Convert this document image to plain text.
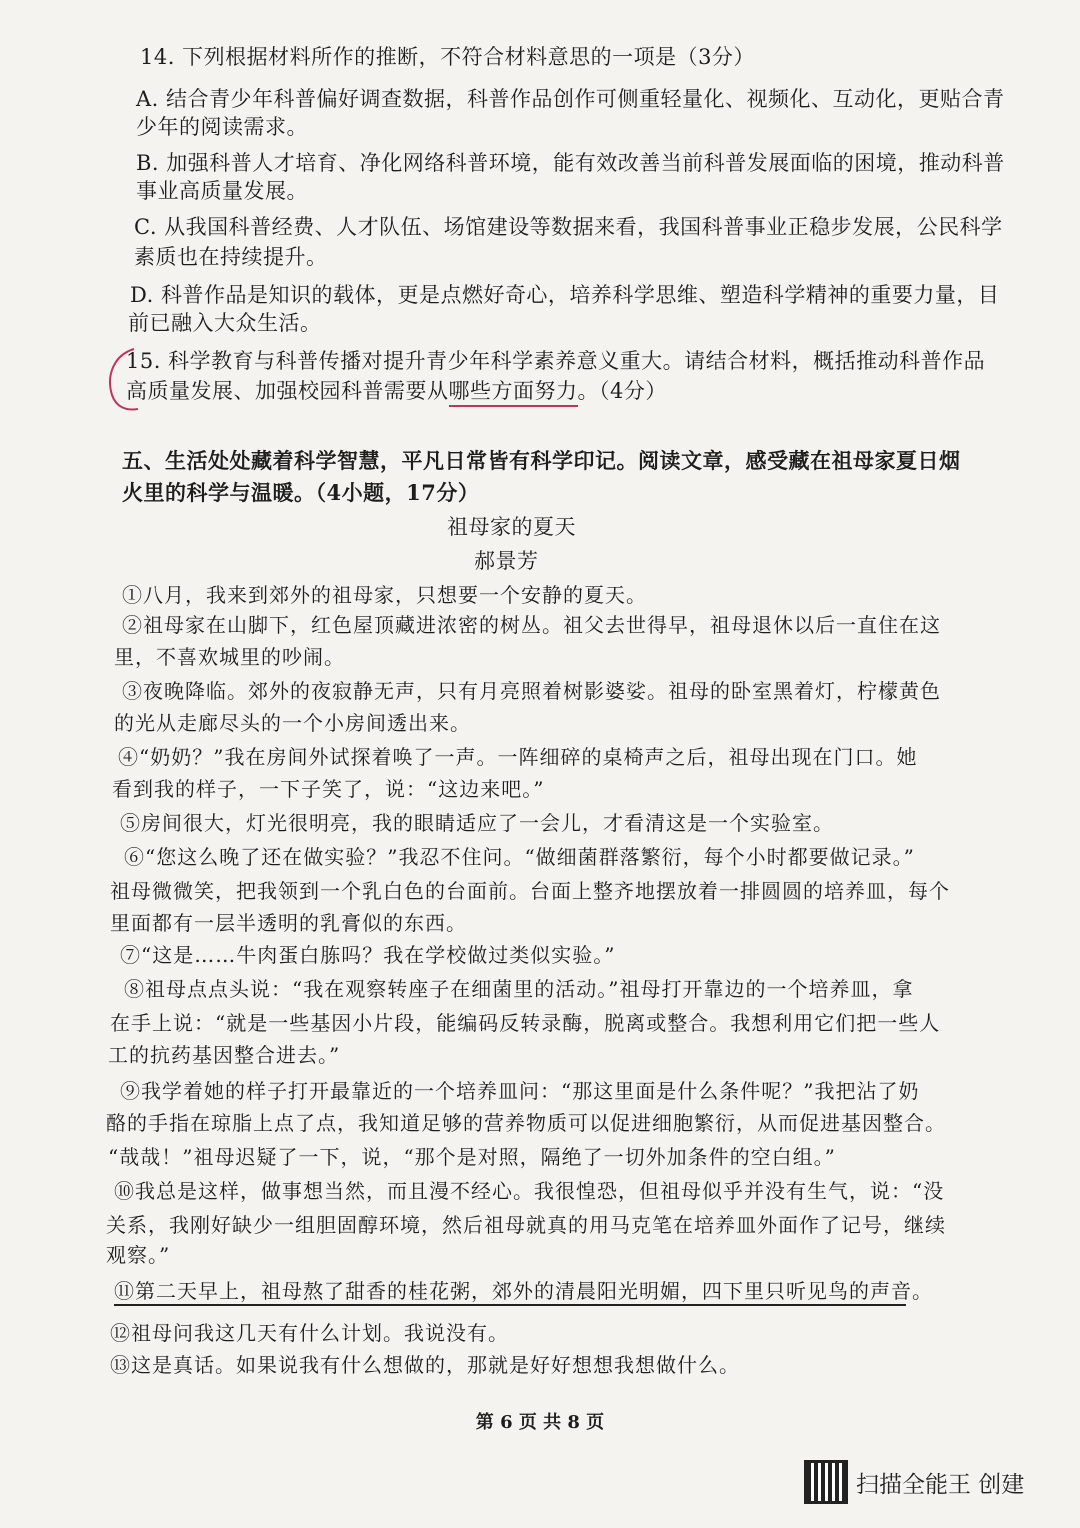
14. 下列根据材料所作的推断，不符合材料意思的一项是（3分）
A. 结合青少年科普偏好调查数据，科普作品创作可侧重轻量化、视频化、互动化，更贴合青
少年的阅读需求。
B. 加强科普人才培育、净化网络科普环境，能有效改善当前科普发展面临的困境，推动科普
事业高质量发展。
C. 从我国科普经费、人才队伍、场馆建设等数据来看，我国科普事业正稳步发展，公民科学
素质也在持续提升。
D. 科普作品是知识的载体，更是点燃好奇心，培养科学思维、塑造科学精神的重要力量，目
前已融入大众生活。
15. 科学教育与科普传播对提升青少年科学素养意义重大。请结合材料，概括推动科普作品
高质量发展、加强校园科普需要从哪些方面努力。（4分）
五、生活处处藏着科学智慧，平凡日常皆有科学印记。阅读文章，感受藏在祖母家夏日烟
火里的科学与温暖。（4小题，17分）
祖母家的夏天
郝景芳
①八月，我来到郊外的祖母家，只想要一个安静的夏天。
②祖母家在山脚下，红色屋顶藏进浓密的树丛。祖父去世得早，祖母退休以后一直住在这
里，不喜欢城里的吵闹。
③夜晚降临。郊外的夜寂静无声，只有月亮照着树影婆娑。祖母的卧室黑着灯，柠檬黄色
的光从走廊尽头的一个小房间透出来。
④“奶奶？”我在房间外试探着唤了一声。一阵细碎的桌椅声之后，祖母出现在门口。她
看到我的样子，一下子笑了，说：“这边来吧。”
⑤房间很大，灯光很明亮，我的眼睛适应了一会儿，才看清这是一个实验室。
⑥“您这么晚了还在做实验？”我忍不住问。“做细菌群落繁衍，每个小时都要做记录。”
祖母微微笑，把我领到一个乳白色的台面前。台面上整齐地摆放着一排圆圆的培养皿，每个
里面都有一层半透明的乳膏似的东西。
⑦“这是……牛肉蛋白胨吗？我在学校做过类似实验。”
⑧祖母点点头说：“我在观察转座子在细菌里的活动。”祖母打开靠边的一个培养皿，拿
在手上说：“就是一些基因小片段，能编码反转录酶，脱离或整合。我想利用它们把一些人
工的抗药基因整合进去。”
⑨我学着她的样子打开最靠近的一个培养皿问：“那这里面是什么条件呢？”我把沾了奶
酪的手指在琼脂上点了点，我知道足够的营养物质可以促进细胞繁衍，从而促进基因整合。
“哉哉！”祖母迟疑了一下，说，“那个是对照，隔绝了一切外加条件的空白组。”
⑩我总是这样，做事想当然，而且漫不经心。我很惶恐，但祖母似乎并没有生气，说：“没
关系，我刚好缺少一组胆固醇环境，然后祖母就真的用马克笔在培养皿外面作了记号，继续
观察。”
⑪第二天早上，祖母熬了甜香的桂花粥，郊外的清晨阳光明媚，四下里只听见鸟的声音。
⑫祖母问我这几天有什么计划。我说没有。
⑬这是真话。如果说我有什么想做的，那就是好好想想我想做什么。
第 6 页 共 8 页
扫描全能王 创建
